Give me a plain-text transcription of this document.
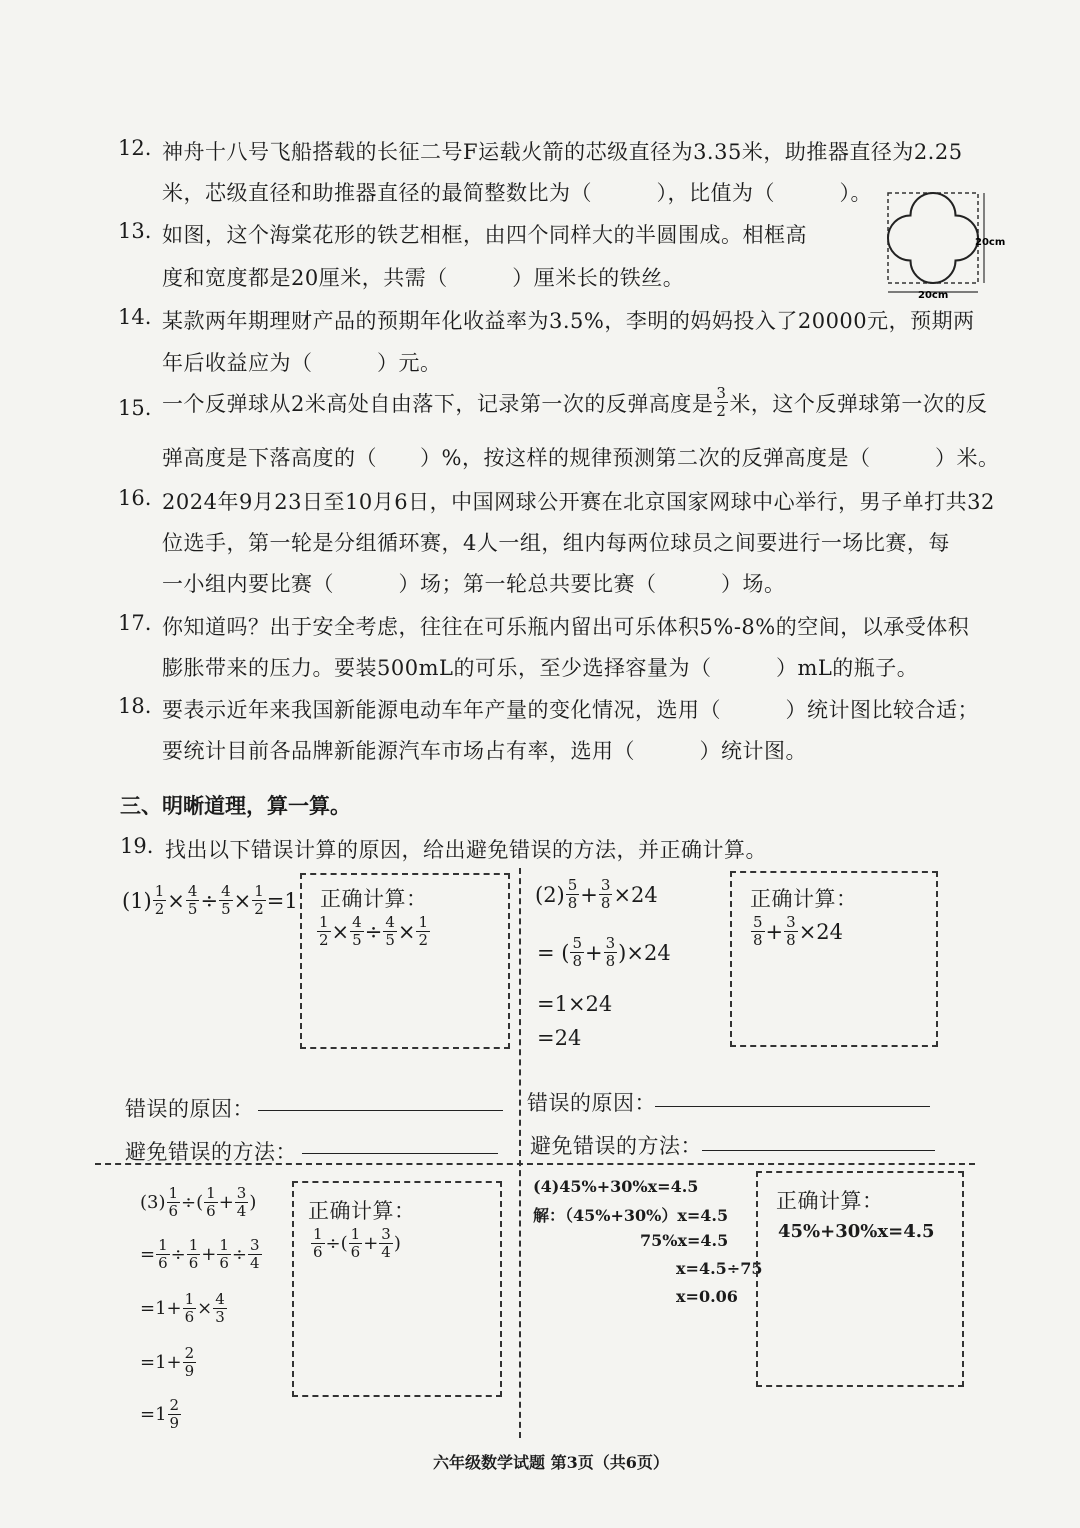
12. 神舟十八号飞船搭载的长征二号F运载火箭的芯级直径为3.35米，助推器直径为2.25
米，芯级直径和助推器直径的最简整数比为（　　　），比值为（　　　）。
13. 如图，这个海棠花形的铁艺相框，由四个同样大的半圆围成。相框高
度和宽度都是20厘米，共需（　　　）厘米长的铁丝。
20cm
20cm
14. 某款两年期理财产品的预期年化收益率为3.5%，李明的妈妈投入了20000元，预期两
年后收益应为（　　　）元。
15. 一个反弹球从2米高处自由落下，记录第一次的反弹高度是 $\frac{3}{2}$ 米，这个反弹球第一次的反
弹高度是下落高度的（　　）%，按这样的规律预测第二次的反弹高度是（　　　）米。
16. 2024年9月23日至10月6日，中国网球公开赛在北京国家网球中心举行，男子单打共32
位选手，第一轮是分组循环赛，4人一组，组内每两位球员之间要进行一场比赛，每
一小组内要比赛（　　　）场；第一轮总共要比赛（　　　）场。
17. 你知道吗？出于安全考虑，往往在可乐瓶内留出可乐体积5%-8%的空间，以承受体积
膨胀带来的压力。要装500mL的可乐，至少选择容量为（　　　）mL的瓶子。
18. 要表示近年来我国新能源电动车年产量的变化情况，选用（　　　）统计图比较合适；
要统计目前各品牌新能源汽车市场占有率，选用（　　　）统计图。
三、明晰道理，算一算。
19. 找出以下错误计算的原因，给出避免错误的方法，并正确计算。
$(1) \frac{1}{2} \times \frac{4}{5} \div \frac{4}{5} \times \frac{1}{2} =1$ 正确计算：
$\frac{1}{2} \times \frac{4}{5} \div \frac{4}{5} \times \frac{1}{2}$
错误的原因：
避免错误的方法：
$(2) \frac{5}{8} + \frac{3}{8} \times 24$
= ( $\frac{5}{8} + \frac{3}{8} )\times 24$
=1×24
=24
正确计算：
$\frac{5}{8} + \frac{3}{8} \times 24$
错误的原因：
避免错误的方法：
$(3) \frac{1}{6}$ ÷( $\frac{1}{6} + \frac{3}{4}$ )
= $\frac{1}{6} \div \frac{1}{6} + \frac{1}{6} \div \frac{3}{4}$
$=1+ \frac{1}{6} \times \frac{4}{3}$
$=1+ \frac{2}{9}$
$=1 \frac{2}{9}$
正确计算：
$\frac{1}{6}$ ÷( $\frac{1}{6} + \frac{3}{4}$ )
(4)45%+30%x=4.5
解：（45%+30%）x=4.5
75%x=4.5
x=4.5÷75
x=0.06
正确计算：
45%+30%x=4.5
六年级数学试题 第3页（共6页）
